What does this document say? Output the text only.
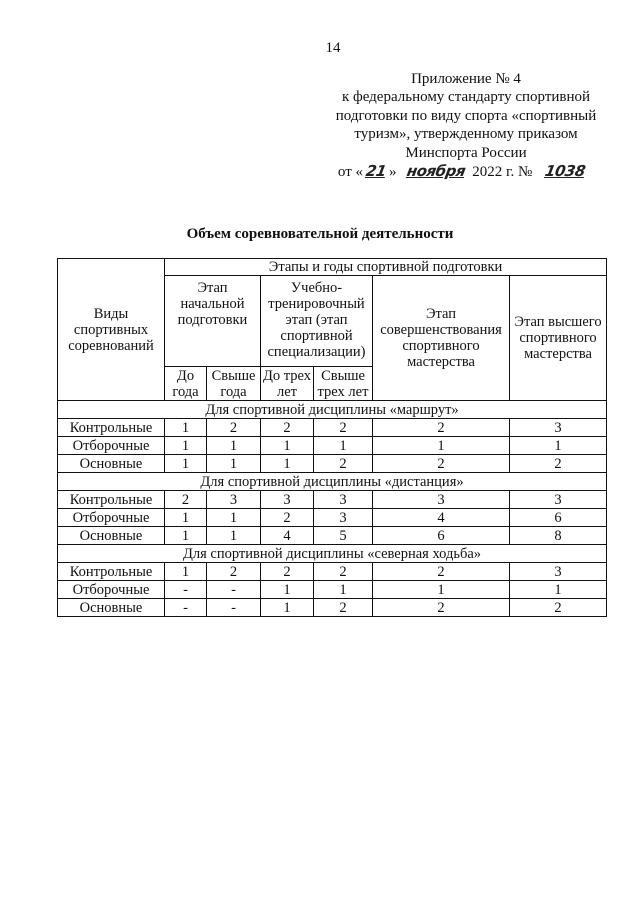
14
Приложение № 4
к федеральному стандарту спортивной
подготовки по виду спорта «спортивный
туризм», утвержденному приказом
Минспорта России
от « 21» ноября 2022 г. № 1038
Объем соревновательной деятельности
Виды спортивных соревнований	Этапы и годы спортивной подготовки					
	Этап начальной подготовки		Учебно-тренировочный этап (этап спортивной специализации)		Этап совершенствования спортивного мастерства	Этап высшего спортивного мастерства
	До года	Свыше года	До трех лет	Свыше трех лет		
Для спортивной дисциплины «маршрут»						
Контрольные	1	2	2	2	2	3
Отборочные	1	1	1	1	1	1
Основные	1	1	1	2	2	2
Для спортивной дисциплины «дистанция»						
Контрольные	2	3	3	3	3	3
Отборочные	1	1	2	3	4	6
Основные	1	1	4	5	6	8
Для спортивной дисциплины «северная ходьба»						
Контрольные	1	2	2	2	2	3
Отборочные	-	-	1	1	1	1
Основные	-	-	1	2	2	2
